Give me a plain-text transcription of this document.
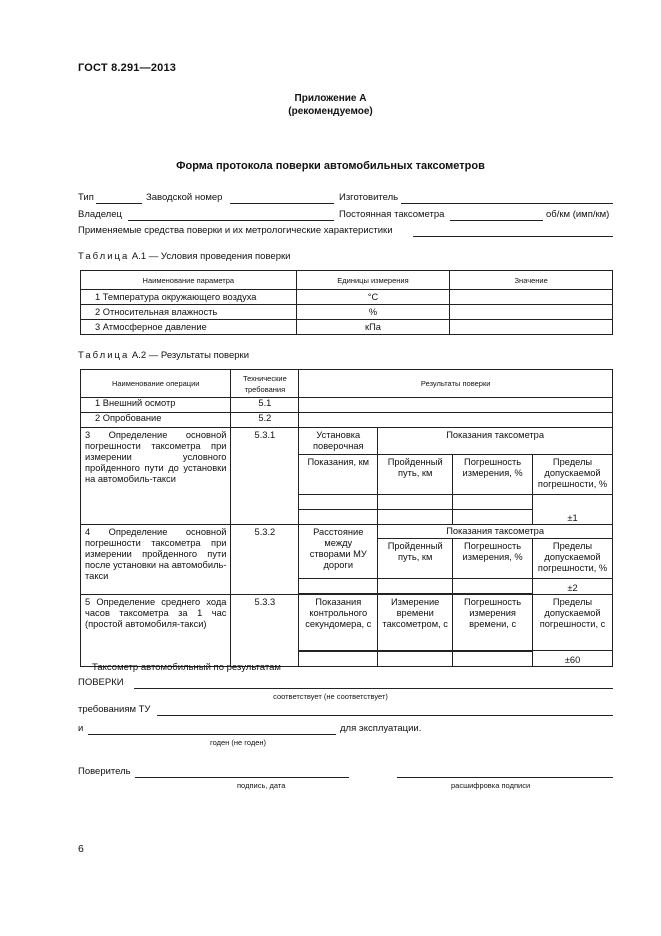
ГОСТ 8.291—2013
Приложение А
(рекомендуемое)
Форма протокола поверки автомобильных таксометров
Тип	Заводской номер	Изготовитель
Владелец	Постоянная таксометра	об/км (имп/км)
Применяемые средства поверки и их метрологические характеристики
Таблица А.1 — Условия проведения поверки
Наименование параметра	Единицы измерения	Значение
1 Температура окружающего воздуха	°С	
2 Относительная влажность	%	
3 Атмосферное давление	кПа	
Таблица А.2 — Результаты поверки
Наименование операции	Технические требования	Результаты поверки			
1 Внешний осмотр	5.1				
2 Опробование	5.2				
3 Определение основной погрешности таксометра при измерении условного пройденного пути до установки на автомобиль-такси	5.3.1	Установка поверочная	Показания таксометра		
		Показания, км	Пройденный путь, км	Погрешность измерения, %	Пределы допускаемой погрешности, %
					±1

4 Определение основной погрешности таксометра при измерении пройденного пути после установки на автомобиль-такси	5.3.2	Расстояние между створами МУ дороги	Показания таксометра		
			Пройденный путь, км	Погрешность измерения, %	Пределы допускаемой погрешности, %
					±2

5 Определение среднего хода часов таксометра за 1 час (простой автомобиля-такси)	5.3.3	Показания контрольного секундомера, с	Измерение времени таксометром, с	Погрешность измерения времени, с	Пределы допускаемой погрешности, с
					±60

Таксометр автомобильный по результатам
ПОВЕРКИ
соответствует (не соответствует)
требованиям ТУ
и	для эксплуатации.
годен (не годен)
Поверитель
подпись, дата	расшифровка подписи
6
